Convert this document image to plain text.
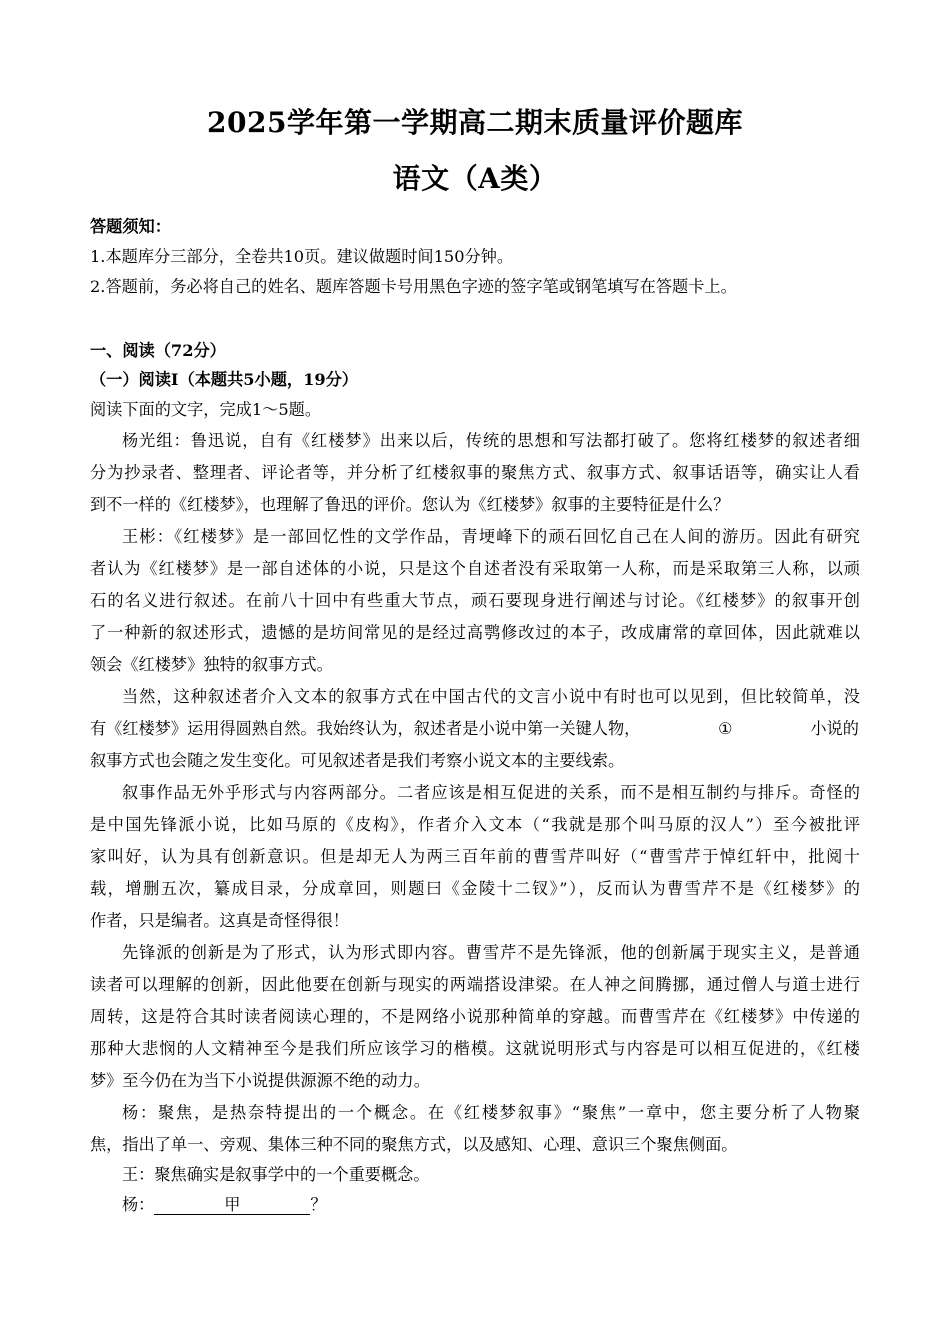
2025学年第一学期高二期末质量评价题库
语文（A类）
答题须知：
1.本题库分三部分，全卷共10页。建议做题时间150分钟。
2.答题前，务必将自己的姓名、题库答题卡号用黑色字迹的签字笔或钢笔填写在答题卡上。
一、阅读（72分）
（一）阅读I（本题共5小题，19分）
阅读下面的文字，完成1～5题。
杨光组：鲁迅说，自有《红楼梦》出来以后，传统的思想和写法都打破了。您将红楼梦的叙述者细
分为抄录者、整理者、评论者等，并分析了红楼叙事的聚焦方式、叙事方式、叙事话语等，确实让人看
到不一样的《红楼梦》，也理解了鲁迅的评价。您认为《红楼梦》叙事的主要特征是什么？
王彬：《红楼梦》是一部回忆性的文学作品，青埂峰下的顽石回忆自己在人间的游历。因此有研究
者认为《红楼梦》是一部自述体的小说，只是这个自述者没有采取第一人称，而是采取第三人称，以顽
石的名义进行叙述。在前八十回中有些重大节点，顽石要现身进行阐述与讨论。《红楼梦》的叙事开创
了一种新的叙述形式，遗憾的是坊间常见的是经过高鹗修改过的本子，改成庸常的章回体，因此就难以
领会《红楼梦》独特的叙事方式。
当然，这种叙述者介入文本的叙事方式在中国古代的文言小说中有时也可以见到，但比较简单，没
有《红楼梦》运用得圆熟自然。我始终认为，叙述者是小说中第一关键人物，	①	小说的
叙事方式也会随之发生变化。可见叙述者是我们考察小说文本的主要线索。
叙事作品无外乎形式与内容两部分。二者应该是相互促进的关系，而不是相互制约与排斥。奇怪的
是中国先锋派小说，比如马原的《皮构》，作者介入文本（“我就是那个叫马原的汉人”）至今被批评
家叫好，认为具有创新意识。但是却无人为两三百年前的曹雪芹叫好（“曹雪芹于悼红轩中，批阅十
载，增删五次，纂成目录，分成章回，则题曰《金陵十二钗》”），反而认为曹雪芹不是《红楼梦》的
作者，只是编者。这真是奇怪得很！
先锋派的创新是为了形式，认为形式即内容。曹雪芹不是先锋派，他的创新属于现实主义，是普通
读者可以理解的创新，因此他要在创新与现实的两端搭设津梁。在人神之间腾挪，通过僧人与道士进行
周转，这是符合其时读者阅读心理的，不是网络小说那种简单的穿越。而曹雪芹在《红楼梦》中传递的
那种大悲悯的人文精神至今是我们所应该学习的楷模。这就说明形式与内容是可以相互促进的，《红楼
梦》至今仍在为当下小说提供源源不绝的动力。
杨：聚焦，是热奈特提出的一个概念。在《红楼梦叙事》“聚焦”一章中，您主要分析了人物聚
焦，指出了单一、旁观、集体三种不同的聚焦方式，以及感知、心理、意识三个聚焦侧面。
王：聚焦确实是叙事学中的一个重要概念。
杨：	甲	？
